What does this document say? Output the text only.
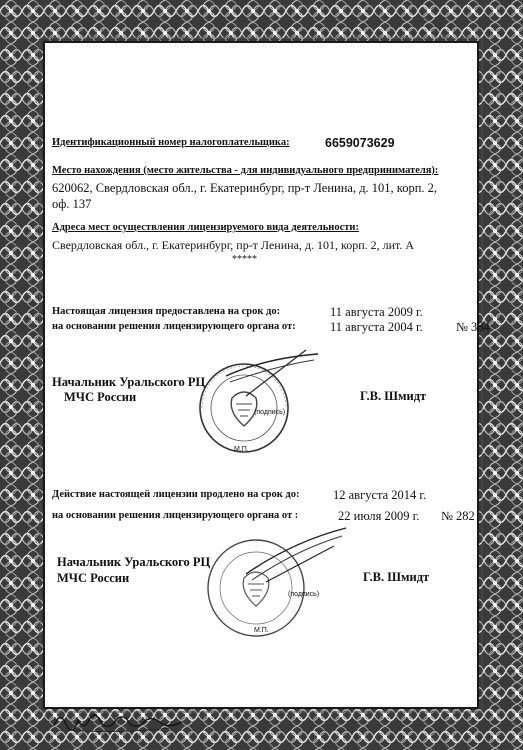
Идентификационный номер налогоплательщика:	6659073629
Место нахождения (место жительства - для индивидуального предпринимателя):
620062, Свердловская обл., г. Екатеринбург, пр-т Ленина, д. 101, корп. 2,
оф. 137
Адреса мест осуществления лицензируемого вида деятельности:
Свердловская обл., г. Екатеринбург, пр-т Ленина, д. 101, корп. 2, лит. А
*****
Настоящая лицензия предоставлена на срок до:	11 августа 2009 г.
на основании решения лицензирующего органа от:	11 августа 2004 г.	№ 384
Начальник Уральского РЦ
МЧС России	Г.В. Шмидт
(подпись)
М.П.
Действие настоящей лицензии продлено на срок до:	12 августа 2014 г.
на основании решения лицензирующего органа от :	22 июля 2009 г. № 282
Начальник Уральского РЦ
МЧС России	Г.В. Шмидт
(подпись)
М.П.
